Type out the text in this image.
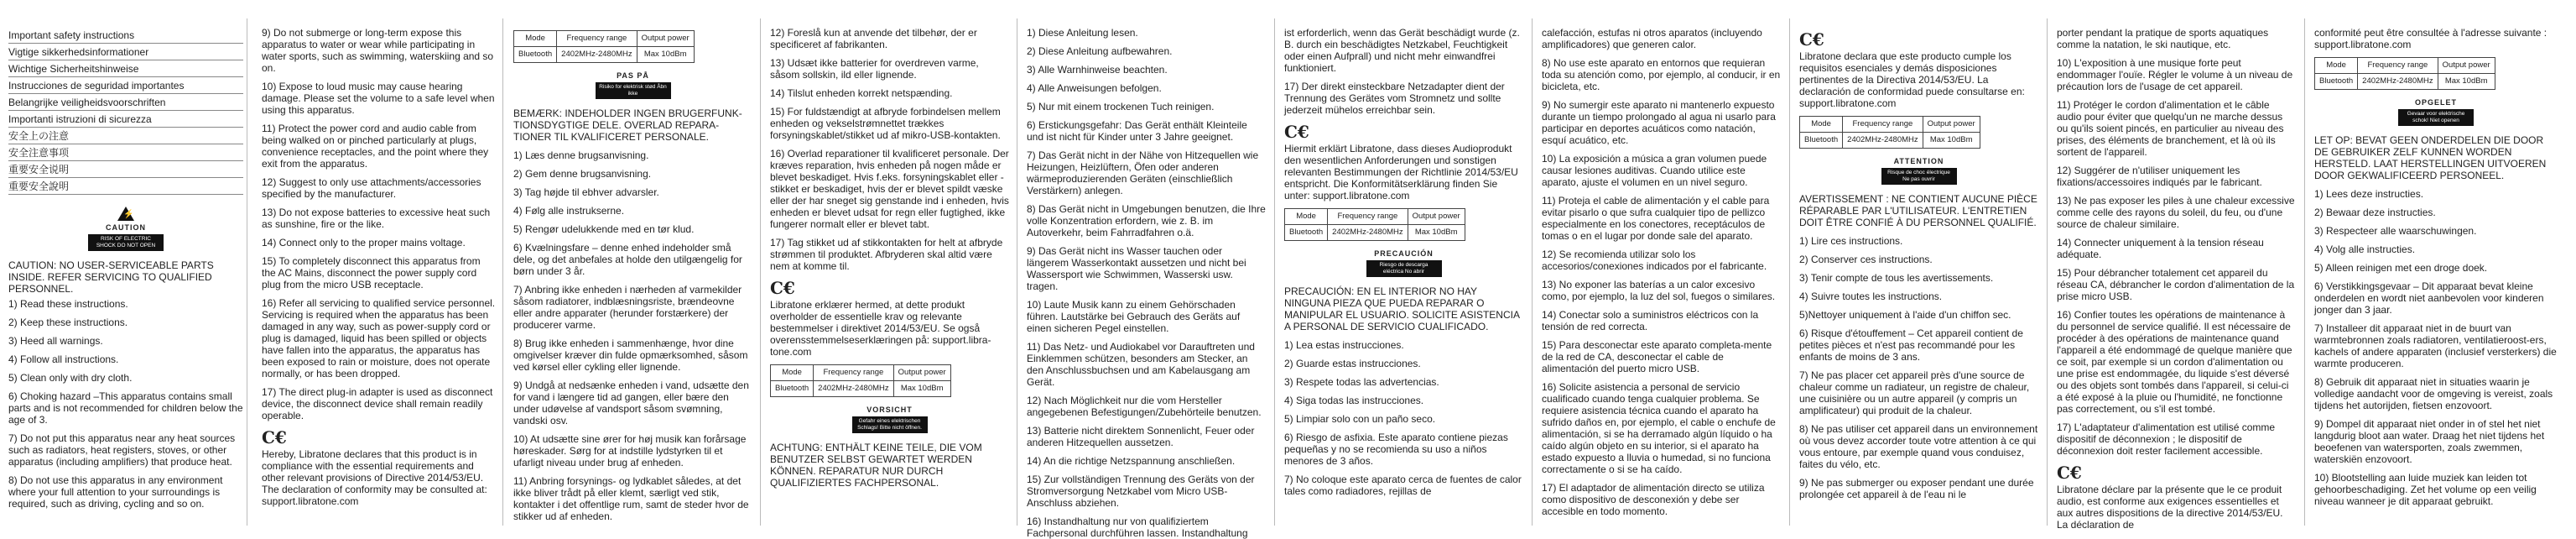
Important safety instructions
Vigtige sikkerhedsinformationer
Wichtige Sicherheitshinweise
Instrucciones de seguridad importantes
Belangrijke veiligheidsvoorschriften
Importanti istruzioni di sicurezza
安全上の注意
安全注意事项
重要安全说明
重要安全說明
⚡
CAUTION
RISK OF ELECTRIC SHOCK DO NOT OPEN

CAUTION: NO USER-SERVICEABLE PARTS INSIDE. REFER SERVICING TO QUALIFIED PERSONNEL.

1) Read these instructions.

2) Keep these instructions.

3) Heed all warnings.

4) Follow all instructions.

5) Clean only with dry cloth.

6) Choking hazard –This apparatus contains small parts and is not recommended for children below the age of 3.

7) Do not put this apparatus near any heat sources such as radiators, heat registers, stoves, or other apparatus (including amplifiers) that produce heat.

8) Do not use this apparatus in any environment where your full attention to your surroundings is required, such as driving, cycling and so on.

9) Do not submerge or long-term expose this apparatus to water or wear while participating in water sports, such as swimming, waterskiing and so on.

10) Expose to loud music may cause hearing damage. Please set the volume to a safe level when using this apparatus.

11) Protect the power cord and audio cable from being walked on or pinched particularly at plugs, convenience receptacles, and the point where they exit from the apparatus.

12) Suggest to only use attachments/accessories specified by the manufacturer.

13) Do not expose batteries to excessive heat such as sunshine, fire or the like.

14) Connect only to the proper mains voltage.

15) To completely disconnect this apparatus from the AC Mains, disconnect the power supply cord plug from the micro USB receptacle.

16) Refer all servicing to qualified service personnel. Servicing is required when the apparatus has been damaged in any way, such as power-supply cord or plug is damaged, liquid has been spilled or objects have fallen into the apparatus, the apparatus has been exposed to rain or moisture, does not operate normally, or has been dropped.

17) The direct plug-in adapter is used as disconnect device, the disconnect device shall remain readily operable.

C€

Hereby, Libratone declares that this product is in compliance with the essential requirements and other relevant provisions of Directive 2014/53/EU. The declaration of conformity may be consulted at: support.libratone.com

Mode	Frequency range	Output power
Bluetooth	2402MHz-2480MHz	Max 10dBm
PAS PÅ
Risiko for elektrisk stød Åbn ikke

BEMÆRK: INDEHOLDER INGEN BRUGERFUNK-TIONSDYGTIGE DELE. OVERLAD REPARA-TIONER TIL KVALIFICERET PERSONALE.

1) Læs denne brugsanvisning.

2) Gem denne brugsanvisning.

3) Tag højde til ebhver advarsler.

4) Følg alle instrukserne.

5) Rengør udelukkende med en tør klud.

6) Kvælningsfare – denne enhed indeholder små dele, og det anbefales at holde den utilgængelig for børn under 3 år.

7) Anbring ikke enheden i nærheden af varmekilder såsom radiatorer, indblæsningsriste, brændeovne eller andre apparater (herunder forstærkere) der producerer varme.

8) Brug ikke enheden i sammenhænge, hvor dine omgivelser kræver din fulde opmærksomhed, såsom ved kørsel eller cykling eller lignende.

9) Undgå at nedsænke enheden i vand, udsætte den for vand i længere tid ad gangen, eller bære den under udøvelse af vandsport såsom svømning, vandski osv.

10) At udsætte sine ører for høj musik kan forårsage høreskader. Sørg for at indstille lydstyrken til et ufarligt niveau under brug af enheden.

11) Anbring forsynings- og lydkablet således, at det ikke bliver trådt på eller klemt, særligt ved stik, kontakter i det offentlige rum, samt de steder hvor de stikker ud af enheden.

12) Foreslå kun at anvende det tilbehør, der er specificeret af fabrikanten.

13) Udsæt ikke batterier for overdreven varme, såsom sollskin, ild eller lignende.

14) Tilslut enheden korrekt netspænding.

15) For fuldstændigt at afbryde forbindelsen mellem enheden og vekselstrømnettet trækkes forsyningskablet/stikket ud af mikro-USB-kontakten.

16) Overlad reparationer til kvalificeret personale. Der kræves reparation, hvis enheden på nogen måde er blevet beskadiget. Hvis f.eks. forsyningskablet eller -stikket er beskadiget, hvis der er blevet spildt væske eller der har sneget sig genstande ind i enheden, hvis enheden er blevet udsat for regn eller fugtighed, ikke fungerer normalt eller er blevet tabt.

17) Tag stikket ud af stikkontakten for helt at afbryde strømmen til produktet. Afbryderen skal altid være nem at komme til.

C€

Libratone erklærer hermed, at dette produkt overholder de essentielle krav og relevante bestemmelser i direktivet 2014/53/EU. Se også overensstemmelseserklæringen på: support.libra-tone.com

Mode	Frequency range	Output power
Bluetooth	2402MHz-2480MHz	Max 10dBm
VORSICHT
Gefahr eines elektrischen Schlags! Bitte nicht öffnen.

ACHTUNG: ENTHÄLT KEINE TEILE, DIE VOM BENUTZER SELBST GEWARTET WERDEN KÖNNEN. REPARATUR NUR DURCH QUALIFIZIERTES FACHPERSONAL.

1) Diese Anleitung lesen.

2) Diese Anleitung aufbewahren.

3) Alle Warnhinweise beachten.

4) Alle Anweisungen befolgen.

5) Nur mit einem trockenen Tuch reinigen.

6) Erstickungsgefahr: Das Gerät enthält Kleinteile und ist nicht für Kinder unter 3 Jahre geeignet.

7) Das Gerät nicht in der Nähe von Hitzequellen wie Heizungen, Heizlüftern, Öfen oder anderen wärmeproduzierenden Geräten (einschließlich Verstärkern) anlegen.

8) Das Gerät nicht in Umgebungen benutzen, die Ihre volle Konzentration erfordern, wie z. B. im Autoverkehr, beim Fahrradfahren o.ä.

9) Das Gerät nicht ins Wasser tauchen oder längerem Wasserkontakt aussetzen und nicht bei Wassersport wie Schwimmen, Wasserski usw. tragen.

10) Laute Musik kann zu einem Gehörschaden führen. Lautstärke bei Gebrauch des Geräts auf einen sicheren Pegel einstellen.

11) Das Netz- und Audiokabel vor Darauftreten und Einklemmen schützen, besonders am Stecker, an den Anschlussbuchsen und am Kabelausgang am Gerät.

12) Nach Möglichkeit nur die vom Hersteller angegebenen Befestigungen/Zubehörteile benutzen.

13) Batterie nicht direktem Sonnenlicht, Feuer oder anderen Hitzequellen aussetzen.

14) An die richtige Netzspannung anschließen.

15) Zur vollständigen Trennung des Geräts von der Stromversorgung Netzkabel vom Micro USB-Anschluss abziehen.

16) Instandhaltung nur von qualifiziertem Fachpersonal durchführen lassen. Instandhaltung

ist erforderlich, wenn das Gerät beschädigt wurde (z. B. durch ein beschädigtes Netzkabel, Feuchtigkeit oder einen Aufprall) und nicht mehr einwandfrei funktioniert.

17) Der direkt einsteckbare Netzadapter dient der Trennung des Gerätes vom Stromnetz und sollte jederzeit mühelos erreichbar sein.

C€

Hiermit erklärt Libratone, dass dieses Audioprodukt den wesentlichen Anforderungen und sonstigen relevanten Bestimmungen der Richtlinie 2014/53/EU entspricht. Die Konformitätserklärung finden Sie unter: support.libratone.com

Mode	Frequency range	Output power
Bluetooth	2402MHz-2480MHz	Max 10dBm
PRECAUCIÓN
Riesgo de descarga eléctrica No abrir

PRECAUCIÓN: EN EL INTERIOR NO HAY NINGUNA PIEZA QUE PUEDA REPARAR O MANIPULAR EL USUARIO. SOLICITE ASISTENCIA A PERSONAL DE SERVICIO CUALIFICADO.

1) Lea estas instrucciones.

2) Guarde estas instrucciones.

3) Respete todas las advertencias.

4) Siga todas las instrucciones.

5) Limpiar solo con un paño seco.

6) Riesgo de asfixia. Este aparato contiene piezas pequeñas y no se recomienda su uso a niños menores de 3 años.

7) No coloque este aparato cerca de fuentes de calor tales como radiadores, rejillas de

calefacción, estufas ni otros aparatos (incluyendo amplificadores) que generen calor.

8) No use este aparato en entornos que requieran toda su atención como, por ejemplo, al conducir, ir en bicicleta, etc.

9) No sumergir este aparato ni mantenerlo expuesto durante un tiempo prolongado al agua ni usarlo para participar en deportes acuáticos como natación, esquí acuático, etc.

10) La exposición a música a gran volumen puede causar lesiones auditivas. Cuando utilice este aparato, ajuste el volumen en un nivel seguro.

11) Proteja el cable de alimentación y el cable para evitar pisarlo o que sufra cualquier tipo de pellizco especialmente en los conectores, receptáculos de tomas o en el lugar por donde sale del aparato.

12) Se recomienda utilizar solo los accesorios/conexiones indicados por el fabricante.

13) No exponer las baterías a un calor excesivo como, por ejemplo, la luz del sol, fuegos o similares.

14) Conectar solo a suministros eléctricos con la tensión de red correcta.

15) Para desconectar este aparato completa-mente de la red de CA, desconectar el cable de alimentación del puerto micro USB.

16) Solicite asistencia a personal de servicio cualificado cuando tenga cualquier problema. Se requiere asistencia técnica cuando el aparato ha sufrido daños en, por ejemplo, el cable o enchufe de alimentación, si se ha derramado algún líquido o ha caído algún objeto en su interior, si el aparato ha estado expuesto a lluvia o humedad, si no funciona correctamente o si se ha caído.

17) El adaptador de alimentación directo se utiliza como dispositivo de desconexión y debe ser accesible en todo momento.

C€

Libratone declara que este producto cumple los requisitos esenciales y demás disposiciones pertinentes de la Directiva 2014/53/EU. La declaración de conformidad puede consultarse en: support.libratone.com

Mode	Frequency range	Output power
Bluetooth	2402MHz-2480MHz	Max 10dBm
ATTENTION
Risque de choc électrique Ne pas ouvrir

AVERTISSEMENT : NE CONTIENT AUCUNE PIÈCE RÉPARABLE PAR L'UTILISATEUR. L'ENTRETIEN DOIT ÊTRE CONFIÉ À DU PERSONNEL QUALIFIÉ.

1) Lire ces instructions.

2) Conserver ces instructions.

3) Tenir compte de tous les avertissements.

4) Suivre toutes les instructions.

5)Nettoyer uniquement à l'aide d'un chiffon sec.

6) Risque d'étouffement – Cet appareil contient de petites pièces et n'est pas recommandé pour les enfants de moins de 3 ans.

7) Ne pas placer cet appareil près d'une source de chaleur comme un radiateur, un registre de chaleur, une cuisinière ou un autre appareil (y compris un amplificateur) qui produit de la chaleur.

8) Ne pas utiliser cet appareil dans un environnement où vous devez accorder toute votre attention à ce qui vous entoure, par exemple quand vous conduisez, faites du vélo, etc.

9) Ne pas submerger ou exposer pendant une durée prolongée cet appareil à de l'eau ni le

porter pendant la pratique de sports aquatiques comme la natation, le ski nautique, etc.

10) L'exposition à une musique forte peut endommager l'ouïe. Régler le volume à un niveau de précaution lors de l'usage de cet appareil.

11) Protéger le cordon d'alimentation et le câble audio pour éviter que quelqu'un ne marche dessus ou qu'ils soient pincés, en particulier au niveau des prises, des éléments de branchement, et là où ils sortent de l'appareil.

12) Suggérer de n'utiliser uniquement les fixations/accessoires indiqués par le fabricant.

13) Ne pas exposer les piles à une chaleur excessive comme celle des rayons du soleil, du feu, ou d'une source de chaleur similaire.

14) Connecter uniquement à la tension réseau adéquate.

15) Pour débrancher totalement cet appareil du réseau CA, débrancher le cordon d'alimentation de la prise micro USB.

16) Confier toutes les opérations de maintenance à du personnel de service qualifié. Il est nécessaire de procéder à des opérations de maintenance quand l'appareil a été endommagé de quelque manière que ce soit, par exemple si un cordon d'alimentation ou une prise est endommagée, du liquide s'est déversé ou des objets sont tombés dans l'appareil, si celui-ci a été exposé à la pluie ou l'humidité, ne fonctionne pas correctement, ou s'il est tombé.

17) L'adaptateur d'alimentation est utilisé comme dispositif de déconnexion ; le dispositif de déconnexion doit rester facilement accessible.

C€

Libratone déclare par la présente que le ce produit audio, est conforme aux exigences essentielles et aux autres dispositions de la directive 2014/53/EU. La déclaration de

conformité peut être consultée à l'adresse suivante : support.libratone.com

Mode	Frequency range	Output power
Bluetooth	2402MHz-2480MHz	Max 10dBm
OPGELET
Gevaar voor elektrische schok! Niet openen

LET OP: BEVAT GEEN ONDERDELEN DIE DOOR DE GEBRUIKER ZELF KUNNEN WORDEN HERSTELD. LAAT HERSTELLINGEN UITVOEREN DOOR GEKWALIFICEERD PERSONEEL.

1) Lees deze instructies.

2) Bewaar deze instructies.

3) Respecteer alle waarschuwingen.

4) Volg alle instructies.

5) Alleen reinigen met een droge doek.

6) Verstikkingsgevaar – Dit apparaat bevat kleine onderdelen en wordt niet aanbevolen voor kinderen jonger dan 3 jaar.

7) Installeer dit apparaat niet in de buurt van warmtebronnen zoals radiatoren, ventilatieroost-ers, kachels of andere apparaten (inclusief versterkers) die warmte produceren.

8) Gebruik dit apparaat niet in situaties waarin je volledige aandacht voor de omgeving is vereist, zoals tijdens het autorijden, fietsen enzovoort.

9) Dompel dit apparaat niet onder in of stel het niet langdurig bloot aan water. Draag het niet tijdens het beoefenen van watersporten, zoals zwemmen, waterskiën enzovoort.

10) Blootstelling aan luide muziek kan leiden tot gehoorbeschadiging. Zet het volume op een veilig niveau wanneer je dit apparaat gebruikt.
